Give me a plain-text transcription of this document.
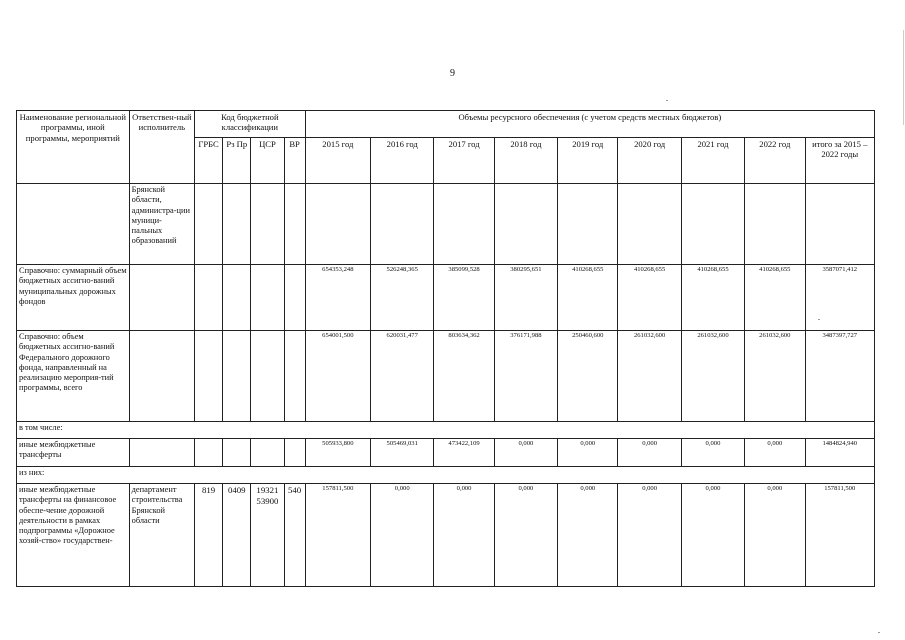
9
Наименование региональной программы, иной программы, мероприятий	Ответствен-ный исполнитель	Код бюджетной классификации				Объемы ресурсного обеспечения (с учетом средств местных бюджетов)								
		ГРБС	Рз Пр	ЦСР	ВР	2015 год	2016 год	2017 год	2018 год	2019 год	2020 год	2021 год	2022 год	итого за 2015 – 2022 годы
	Брянской области, администра-ции муници-пальных образований													
Справочно: суммарный объем бюджетных ассигно-ваний муниципальных дорожных фондов						654353,248	526248,365	385099,528	380295,651	410268,655	410268,655	410268,655	410268,655	3587071,412
Справочно: объем бюджетных ассигно-ваний Федерального дорожного фонда, направленный на реализацию мероприя-тий программы, всего						654001,500	620031,477	803634,362	376171,988	250460,600	261032,600	261032,600	261032,600	3487397,727
в том числе:														
иные межбюджетные трансферты						505933,800	505469,031	473422,109	0,000	0,000	0,000	0,000	0,000	1484824,940
из них:														
иные межбюджетные трансферты на финансовое обеспе-чение дорожной деятельности в рамках подпрограммы «Дорожное хозяй-ство» государствен-	департамент строительства Брянской области	819	0409	19321 53900	540	157811,500	0,000	0,000	0,000	0,000	0,000	0,000	0,000	157811,500
